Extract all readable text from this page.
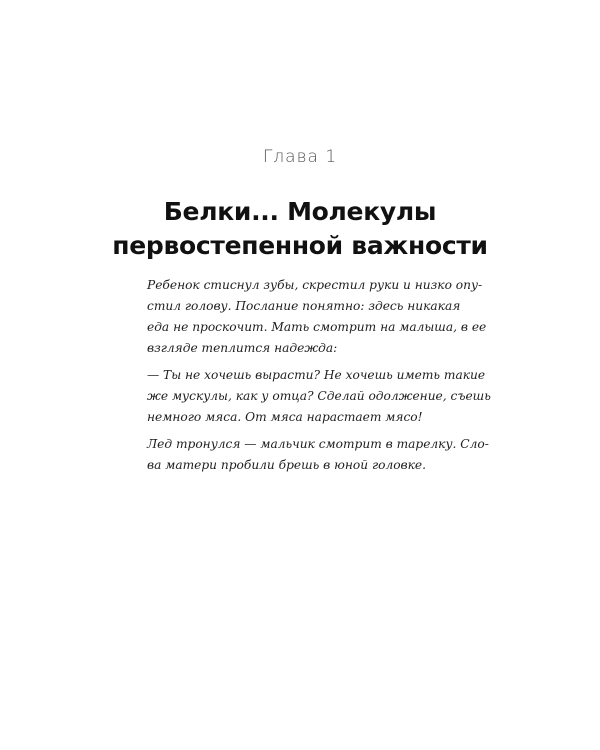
Глава 1
Белки... Молекулы
первостепенной важности

Ребенок стиснул зубы, скрестил руки и низко опу-
стил голову. Послание понятно: здесь никакая
еда не проскочит. Мать смотрит на малыша, в ее
взгляде теплится надежда:

— Ты не хочешь вырасти? Не хочешь иметь такие
же мускулы, как у отца? Сделай одолжение, съешь
немного мяса. От мяса нарастает мясо!

Лед тронулся — мальчик смотрит в тарелку. Сло-
ва матери пробили брешь в юной головке.
